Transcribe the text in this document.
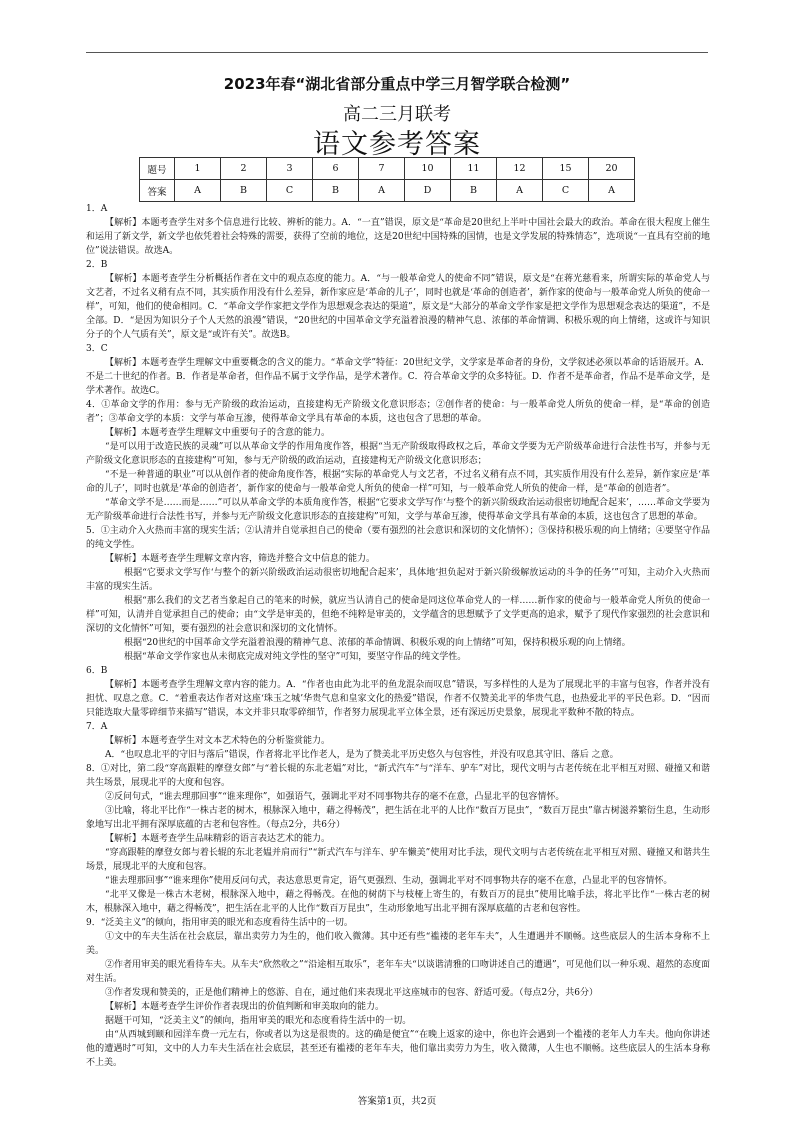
2023年春“湖北省部分重点中学三月智学联合检测”
高二三月联考
语文参考答案
题号	1	2	3	6	7	10	11	12	15	20
答案	A	B	C	B	A	D	B	A	C	A

1．A

【解析】本题考查学生对多个信息进行比较、辨析的能力。A．“一直”错误，原文是“革命是20世纪上半叶中国社会最大的政治。革命在很大程度上催生和运用了新文学，新文学也依凭着社会特殊的需要，获得了空前的地位，这是20世纪中国特殊的国情，也是文学发展的特殊情态”，选项说“一直具有空前的地位”说法错误。故选A。

2．B

【解析】本题考查学生分析概括作者在文中的观点态度的能力。A．“与一般革命党人的使命不同”错误，原文是“在蒋光慈看来，所谓实际的革命党人与文艺者，不过名义稍有点不同，其实质作用没有什么差异，新作家应是‘革命的儿子’，同时也就是‘革命的创造者’，新作家的使命与一般革命党人所负的使命一样”，可知，他们的使命相同。C．“革命文学作家把文学作为思想观念表达的渠道”，原文是“大部分的革命文学作家是把文学作为思想观念表达的渠道”，不是全部。D．“是因为知识分子个人天然的浪漫”错误，“20世纪的中国革命文学充溢着浪漫的精神气息、浓郁的革命情调、积极乐观的向上情绪，这或许与知识分子的个人气质有关”，原文是“或许有关”。故选B。

3．C

【解析】本题考查学生理解文中重要概念的含义的能力。“革命文学”特征：20世纪文学，文学家是革命者的身份，文学叙述必须以革命的话语展开。A．不是二十世纪的作者。B．作者是革命者，但作品不属于文学作品，是学术著作。C．符合革命文学的众多特征。D．作者不是革命者，作品不是革命文学，是学术著作。故选C。

4．①革命文学的作用：参与无产阶级的政治运动，直接建构无产阶级文化意识形态；②创作者的使命：与一般革命党人所负的使命一样，是“革命的创造者”；③革命文学的本质：文学与革命互渗，使得革命文学具有革命的本质，这也包含了思想的革命。

【解析】本题考查学生理解文中重要句子的含意的能力。

“是可以用于改造民族的灵魂”可以从革命文学的作用角度作答，根据“当无产阶级取得政权之后，革命文学要为无产阶级革命进行合法性书写，并参与无产阶级文化意识形态的直接建构”可知，参与无产阶级的政治运动，直接建构无产阶级文化意识形态；

“不是一种普通的职业”可以从创作者的使命角度作答，根据“实际的革命党人与文艺者，不过名义稍有点不同，其实质作用没有什么差异，新作家应是‘革命的儿子’，同时也就是‘革命的创造者’，新作家的使命与一般革命党人所负的使命一样”可知，与一般革命党人所负的使命一样，是“革命的创造者”。

“革命文学不是……而是……”可以从革命文学的本质角度作答，根据“它要求文学写作‘与整个的新兴阶级政治运动很密切地配合起来’，……革命文学要为无产阶级革命进行合法性书写，并参与无产阶级文化意识形态的直接建构”可知，文学与革命互渗，使得革命文学具有革命的本质，这也包含了思想的革命。

5．①主动介入火热而丰富的现实生活；②认清并自觉承担自己的使命（要有强烈的社会意识和深切的文化情怀）；③保持积极乐观的向上情绪；④要坚守作品的纯文学性。

【解析】本题考查学生理解文章内容，筛选并整合文中信息的能力。

根据“它要求文学写作‘与整个的新兴阶级政治运动很密切地配合起来’，具体地‘担负起对于新兴阶级解放运动的斗争的任务’”可知，主动介入火热而丰富的现实生活。

根据“那么我们的文艺者当象起自己的笔来的时候，就应当认清自己的使命是同这位革命党人的一样……新作家的使命与一般革命党人所负的使命一样”可知，认清并自觉承担自己的使命；由“文学是审美的，但绝不纯粹是审美的，文学蕴含的思想赋予了文学更高的追求，赋予了现代作家强烈的社会意识和深切的文化情怀”可知，要有强烈的社会意识和深切的文化情怀。

根据“20世纪的中国革命文学充溢着浪漫的精神气息、浓郁的革命情调、积极乐观的向上情绪”可知，保持积极乐观的向上情绪。

根据“革命文学作家也从未彻底完成对纯文学性的坚守”可知，要坚守作品的纯文学性。

6．B

【解析】本题考查学生理解文章内容的能力。A．“作者也由此为北平的鱼龙混杂而叹息”错误，写多样性的人是为了展现北平的丰富与包容，作者并没有担忧、叹息之意。C．“着重表达作者对这座‘珠玉之城’华贵气息和皇家文化的热爱”错误，作者不仅赞美北平的华贵气息，也热爱北平的平民色彩。D．“因而只能选取大量零碎细节来描写”错误，本文并非只取零碎细节，作者努力展现北平立体全景，还有深远历史景象，展现北平数种不散的特点。

7．A

【解析】本题考查学生对文本艺术特色的分析鉴赏能力。

A．“也叹息北平的守旧与落后”错误，作者将北平比作老人，是为了赞美北平历史悠久与包容性，并没有叹息其守旧、落后 之意。

8．①对比，第二段“穿高跟鞋的摩登女郎”与“着长辊的东北老媪”对比，“新式汽车”与“洋车、驴车”对比，现代文明与古老传统在北平相互对照、碰撞又和谐共生场景，展现北平的大度和包容。

②反问句式，“谁去理那回事”“谁来理你”，如强语气，强调北平对不同事物共存的毫不在意，凸显北平的包容情怀。

③比喻，将北平比作“一株古老的树木，根脉深入地中，藉之得畅茂”，把生活在北平的人比作“数百万昆虫”，“数百万昆虫”靠古树滋养繁衍生息，生动形象地写出北平拥有深厚底蕴的古老和包容性。（每点2分，共6分）

【解析】本题考查学生品味精彩的语言表达艺术的能力。

“穿高跟鞋的摩登女郎与着长辊的东北老媪并肩而行”“新式汽车与洋车、驴车懒美”使用对比手法，现代文明与古老传统在北平相互对照、碰撞又和谐共生场景，展现北平的大度和包容。

“谁去理那回事”“谁来理你”使用反问句式，表达意思更肯定，语气更强烈、生动，强调北平对不同事物共存的毫不在意，凸显北平的包容情怀。

“北平又像是一株古木老树，根脉深入地中，藉之得畅茂。在他的树荫下与枝桠上寄生的，有数百万的昆虫”使用比喻手法，将北平比作“一株古老的树木，根脉深入地中，藉之得畅茂”，把生活在北平的人比作“数百万昆虫”，生动形象地写出北平拥有深厚底蕴的古老和包容性。

9．“泛美主义”的倾向，指用审美的眼光和态度看待生活中的一切。

①文中的车夫生活在社会底层，靠出卖劳力为生的，他们收入微薄。其中还有些“褴褛的老年车夫”，人生遭遇并不顺畅。这些底层人的生活本身称不上美。

②作者用审美的眼光看待车夫。从车夫“欣然收之”“沿途相互取乐”，老年车夫“以谈谐清雅的口吻讲述自己的遭遇”，可见他们以一种乐观、超然的态度面对生活。

③作者发现和赞美的，正是他们精神上的悠游、自在，通过他们来表现北平这座城市的包容、舒适可爱。（每点2分，共6分）

【解析】本题考查学生评价作者表现出的价值判断和审美取向的能力。

据题干可知，“泛美主义”的倾向，指用审美的眼光和态度看待生活中的一切。

由“从西城到颐和园洋车费一元左右，你或者以为这是很贵的。这的确是便宜”“在晚上返家的途中，你也许会遇到一个褴褛的老年人力车夫。他向你讲述他的遭遇时”可知，文中的人力车夫生活在社会底层，甚至还有褴褛的老年车夫，他们靠出卖劳力为生，收入微薄，人生也不顺畅。这些底层人的生活本身称不上美。

答案第1页，共2页
